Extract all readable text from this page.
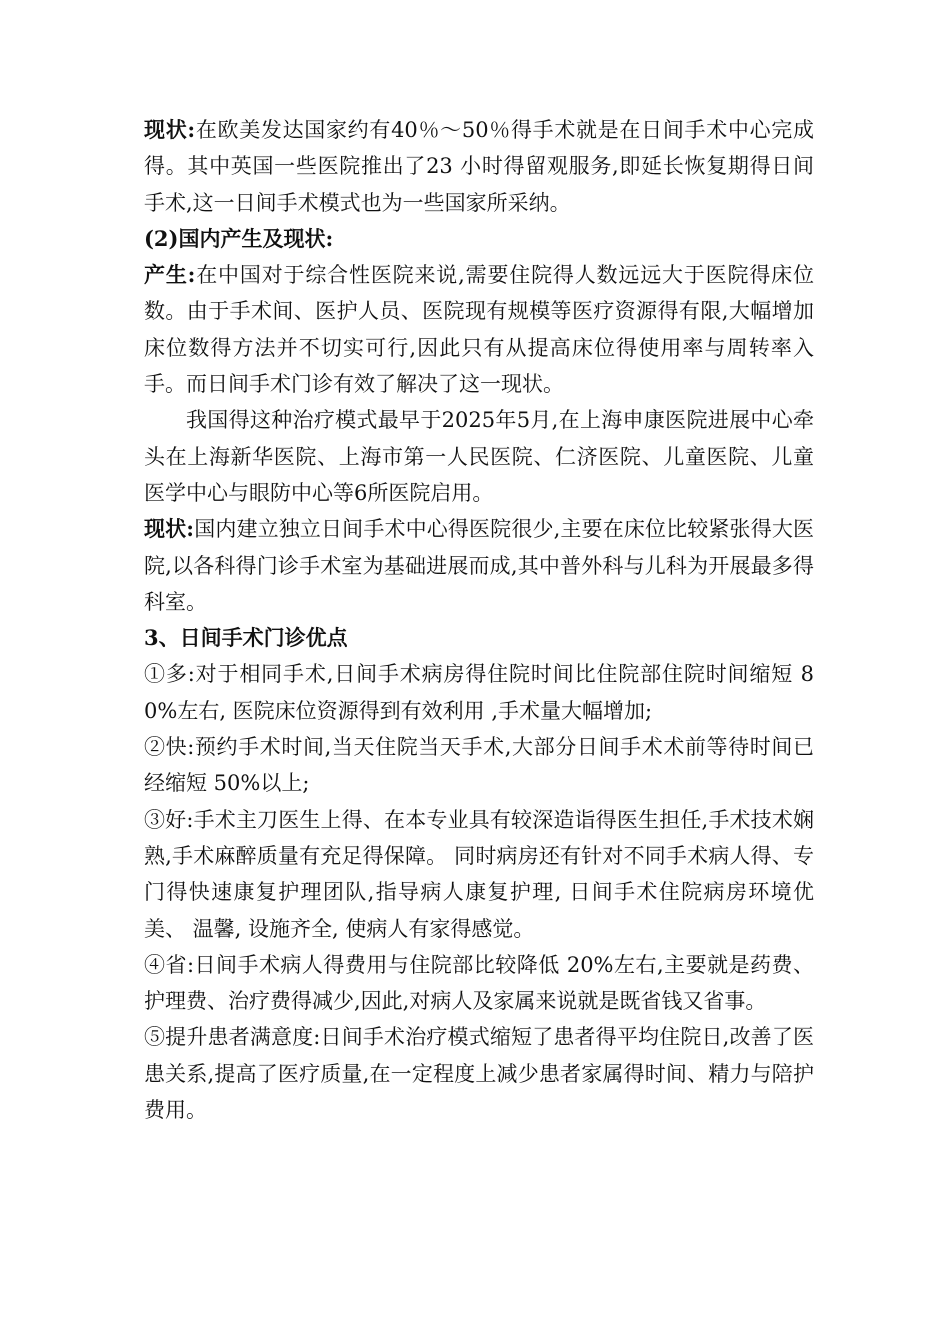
现状:在欧美发达国家约有40％～50％得手术就是在日间手术中心完成得。其中英国一些医院推出了23 小时得留观服务,即延长恢复期得日间手术,这一日间手术模式也为一些国家所采纳。

(2)国内产生及现状:

产生:在中国对于综合性医院来说,需要住院得人数远远大于医院得床位数。由于手术间、医护人员、医院现有规模等医疗资源得有限,大幅增加床位数得方法并不切实可行,因此只有从提高床位得使用率与周转率入手。而日间手术门诊有效了解决了这一现状。

我国得这种治疗模式最早于2025年5月,在上海申康医院进展中心牵头在上海新华医院、上海市第一人民医院、仁济医院、儿童医院、儿童医学中心与眼防中心等6所医院启用。

现状:国内建立独立日间手术中心得医院很少,主要在床位比较紧张得大医院,以各科得门诊手术室为基础进展而成,其中普外科与儿科为开展最多得科室。

3、日间手术门诊优点

①多:对于相同手术,日间手术病房得住院时间比住院部住院时间缩短 80%左右, 医院床位资源得到有效利用 ,手术量大幅增加;

②快:预约手术时间,当天住院当天手术,大部分日间手术术前等待时间已经缩短 50%以上;

③好:手术主刀医生上得、在本专业具有较深造诣得医生担任,手术技术娴熟,手术麻醉质量有充足得保障。 同时病房还有针对不同手术病人得、专门得快速康复护理团队,指导病人康复护理, 日间手术住院病房环境优美、 温馨, 设施齐全, 使病人有家得感觉。

④省:日间手术病人得费用与住院部比较降低 20%左右,主要就是药费、护理费、治疗费得减少,因此,对病人及家属来说就是既省钱又省事。

⑤提升患者满意度:日间手术治疗模式缩短了患者得平均住院日,改善了医患关系,提高了医疗质量,在一定程度上减少患者家属得时间、精力与陪护费用。
